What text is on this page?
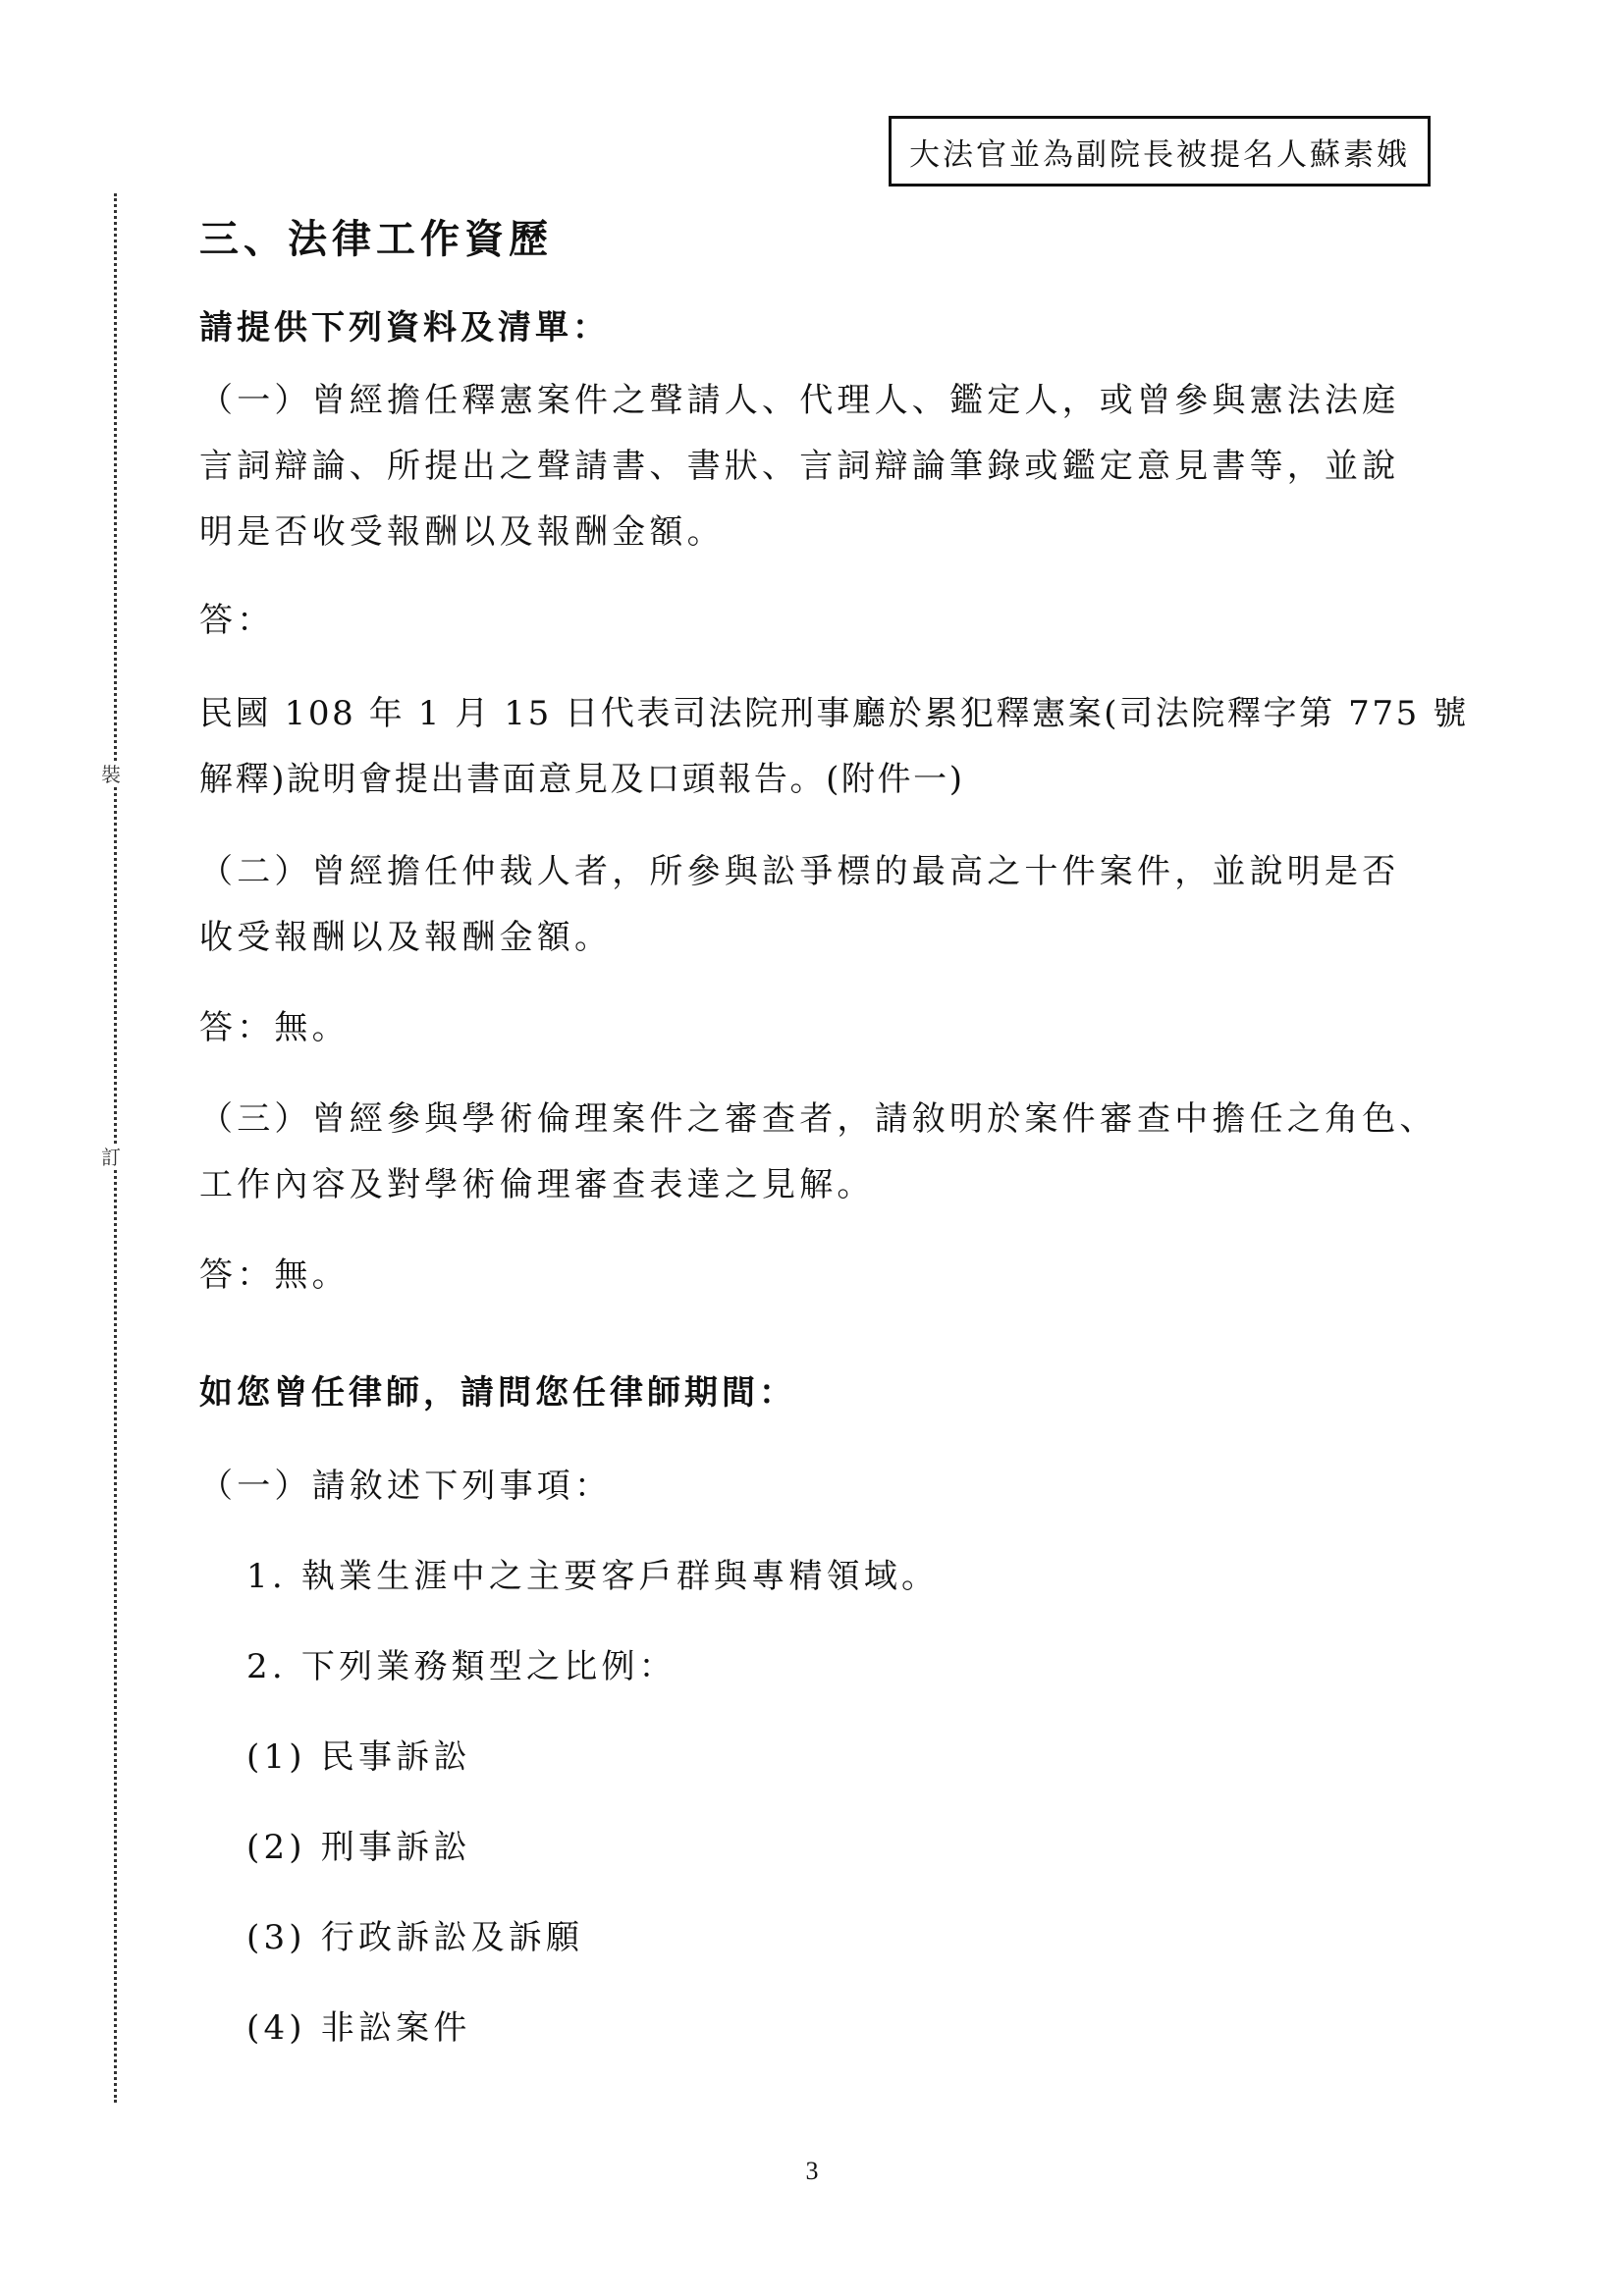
大法官並為副院長被提名人蘇素娥
裝
訂
三、法律工作資歷
請提供下列資料及清單：
（一）曾經擔任釋憲案件之聲請人、代理人、鑑定人，或曾參與憲法法庭
言詞辯論、所提出之聲請書、書狀、言詞辯論筆錄或鑑定意見書等，並說
明是否收受報酬以及報酬金額。
答：
民國 108 年 1 月 15 日代表司法院刑事廳於累犯釋憲案(司法院釋字第 775 號
解釋)說明會提出書面意見及口頭報告。(附件一)
（二）曾經擔任仲裁人者，所參與訟爭標的最高之十件案件，並說明是否
收受報酬以及報酬金額。
答：無。
（三）曾經參與學術倫理案件之審查者，請敘明於案件審查中擔任之角色、
工作內容及對學術倫理審查表達之見解。
答：無。
如您曾任律師，請問您任律師期間：
（一）請敘述下列事項：
1. 執業生涯中之主要客戶群與專精領域。
2. 下列業務類型之比例：
(1) 民事訴訟
(2) 刑事訴訟
(3) 行政訴訟及訴願
(4) 非訟案件
3
